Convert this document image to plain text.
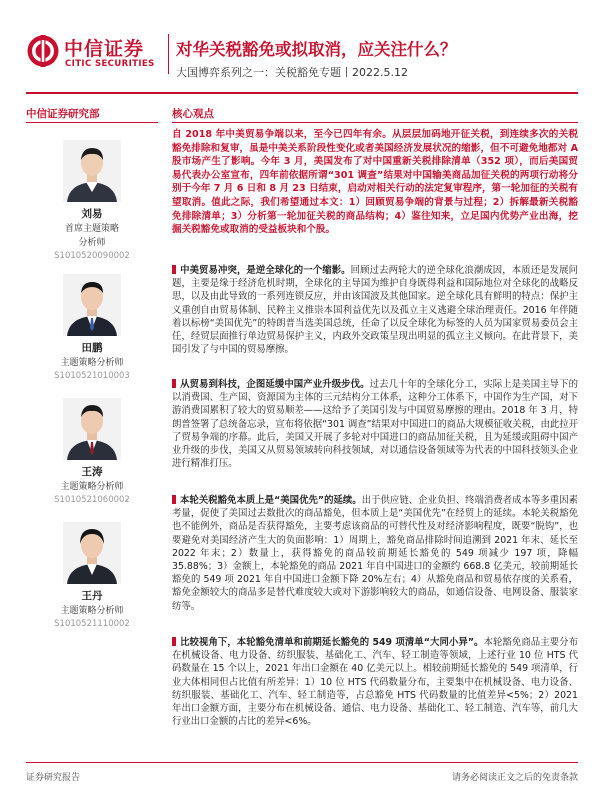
中信证券
CITIC SECURITIES
对华关税豁免或拟取消，应关注什么？
大国博弈系列之一：关税豁免专题丨2022.5.12
中信证券研究部
刘易
首席主题策略
分析师
S1010520090002
田鹏
主题策略分析师
S1010521010003
王涛
主题策略分析师
S1010521060002
王丹
主题策略分析师
S1010521110002
核心观点
自 2018 年中美贸易争端以来，至今已四年有余。从层层加码地开征关税，到连续多次的关税豁免排除和复审，虽是中美关系阶段性变化或者美国经济发展状况的缩影，但不可避免地都对 A 股市场产生了影响。今年 3 月，美国发布了对中国重新关税排除清单（352 项），而后美国贸易代表办公室宣布，四年前依据所谓“301 调查”结果对中国输美商品加征关税的两项行动将分别于今年 7 月 6 日和 8 月 23 日结束，启动对相关行动的法定复审程序，第一轮加征的关税有望取消。值此之际，我们希望通过本文：1）回顾贸易争端的背景与过程；2）拆解最新关税豁免排除清单；3）分析第一轮加征关税的商品结构；4）鉴往知来，立足国内优势产业出海，挖掘关税豁免或取消的受益板块和个股。
中美贸易冲突，是逆全球化的一个缩影。回顾过去两轮大的逆全球化浪潮成因，本质还是发展问题，主要是缘于经济危机时期，全球化的主导国为维护自身既得利益和国际地位对全球化的战略反思，以及由此导致的一系列连锁反应，并由该国波及其他国家。逆全球化具有鲜明的特点：保护主义重创自由贸易体制、民粹主义推崇本国利益优先以及孤立主义逃避全球治理责任。2016 年伴随着以标榜“美国优先”的特朗普当选美国总统，任命了以反全球化为标签的人员为国家贸易委员会主任，经贸层面推行单边贸易保护主义，内政外交政策呈现出明显的孤立主义倾向。在此背景下，美国引发了与中国的贸易摩擦。
从贸易到科技，企图延缓中国产业升级步伐。过去几十年的全球化分工，实际上是美国主导下的以消费国、生产国、资源国为主体的三元结构分工体系，这种分工体系下，中国作为生产国，对下游消费国累积了较大的贸易顺差——这给予了美国引发与中国贸易摩擦的理由。2018 年 3 月，特朗普签署了总统备忘录，宣布将依据“301 调查”结果对中国进口的商品大规模征收关税，由此拉开了贸易争端的序幕。此后，美国又开展了多轮对中国进口的商品加征关税，且为延缓或阻碍中国产业升级的步伐，美国又从贸易领域转向科技领域，对以通信设备领域等为代表的中国科技领头企业进行精准打压。
本轮关税豁免本质上是“美国优先”的延续。出于供应链、企业负担、终端消费者成本等多重因素考量，促使了美国过去数批次的商品豁免，但本质上是“美国优先”在经贸上的延续。本轮关税豁免也不能例外，商品是否获得豁免，主要考虑该商品的可替代性及对经济影响程度，既要“脱钩”，也要避免对美国经济产生大的负面影响：1）周期上，豁免商品排除时间追溯到 2021 年末、延长至 2022 年末；2）数量上，获得豁免的商品较前期延长豁免的 549 项减少 197 项，降幅 35.88%；3）金额上，本轮豁免的商品 2021 年自中国进口的金额约 668.8 亿美元，较前期延长豁免的 549 项 2021 年自中国进口金额下降 20%左右；4）从豁免商品和贸易依存度的关系看，豁免金额较大的商品多是替代难度较大或对下游影响较大的商品，如通信设备、电网设备、服装家纺等。
比较视角下，本轮豁免清单和前期延长豁免的 549 项清单“大同小异”。本轮豁免商品主要分布在机械设备、电力设备、纺织服装、基础化工、汽车、轻工制造等领域，上述行业 10 位 HTS 代码数量在 15 个以上，2021 年出口金额在 40 亿美元以上。相较前期延长豁免的 549 项清单，行业大体相同但占比值有所差异：1）10 位 HTS 代码数量分布，主要集中在机械设备、电力设备、纺织服装、基础化工、汽车、轻工制造等，占总豁免 HTS 代码数量的比值差异<5%；2）2021 年出口金额方面，主要分布在机械设备、通信、电力设备、基础化工、轻工制造、汽车等，前几大行业出口金额的占比的差异<6%。
证券研究报告	请务必阅读正文之后的免责条款
